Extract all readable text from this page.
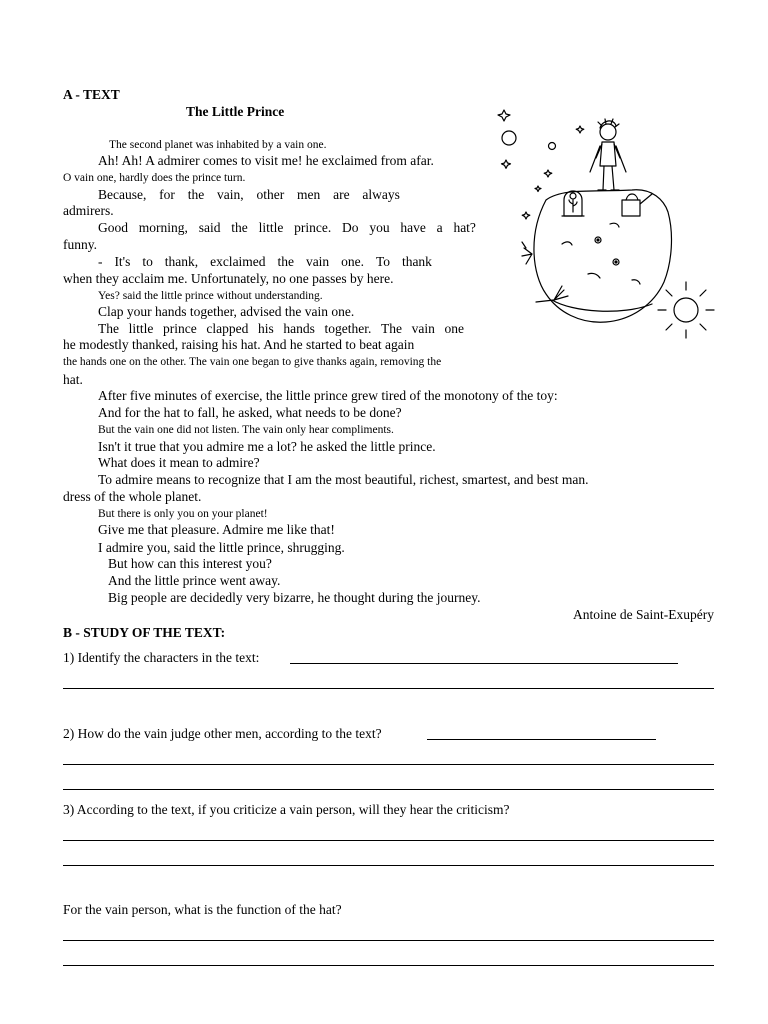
A - TEXT
The Little Prince
The second planet was inhabited by a vain one.
Ah! Ah! A admirer comes to visit me! he exclaimed from afar.
O vain one, hardly does the prince turn.
Because, for the vain, other men are always
admirers.
Good morning, said the little prince. Do you have a hat?
funny.
- It's to thank, exclaimed the vain one. To thank
when they acclaim me. Unfortunately, no one passes by here.
Yes? said the little prince without understanding.
Clap your hands together, advised the vain one.
The little prince clapped his hands together. The vain one
he modestly thanked, raising his hat. And he started to beat again
the hands one on the other. The vain one began to give thanks again, removing the
hat.
After five minutes of exercise, the little prince grew tired of the monotony of the toy:
And for the hat to fall, he asked, what needs to be done?
But the vain one did not listen. The vain only hear compliments.
Isn't it true that you admire me a lot? he asked the little prince.
What does it mean to admire?
To admire means to recognize that I am the most beautiful, richest, smartest, and best man.
dress of the whole planet.
But there is only you on your planet!
Give me that pleasure. Admire me like that!
I admire you, said the little prince, shrugging.
But how can this interest you?
And the little prince went away.
Big people are decidedly very bizarre, he thought during the journey.
Antoine de Saint-Exupéry
B - STUDY OF THE TEXT:
1) Identify the characters in the text:
2) How do the vain judge other men, according to the text?
3) According to the text, if you criticize a vain person, will they hear the criticism?
For the vain person, what is the function of the hat?
